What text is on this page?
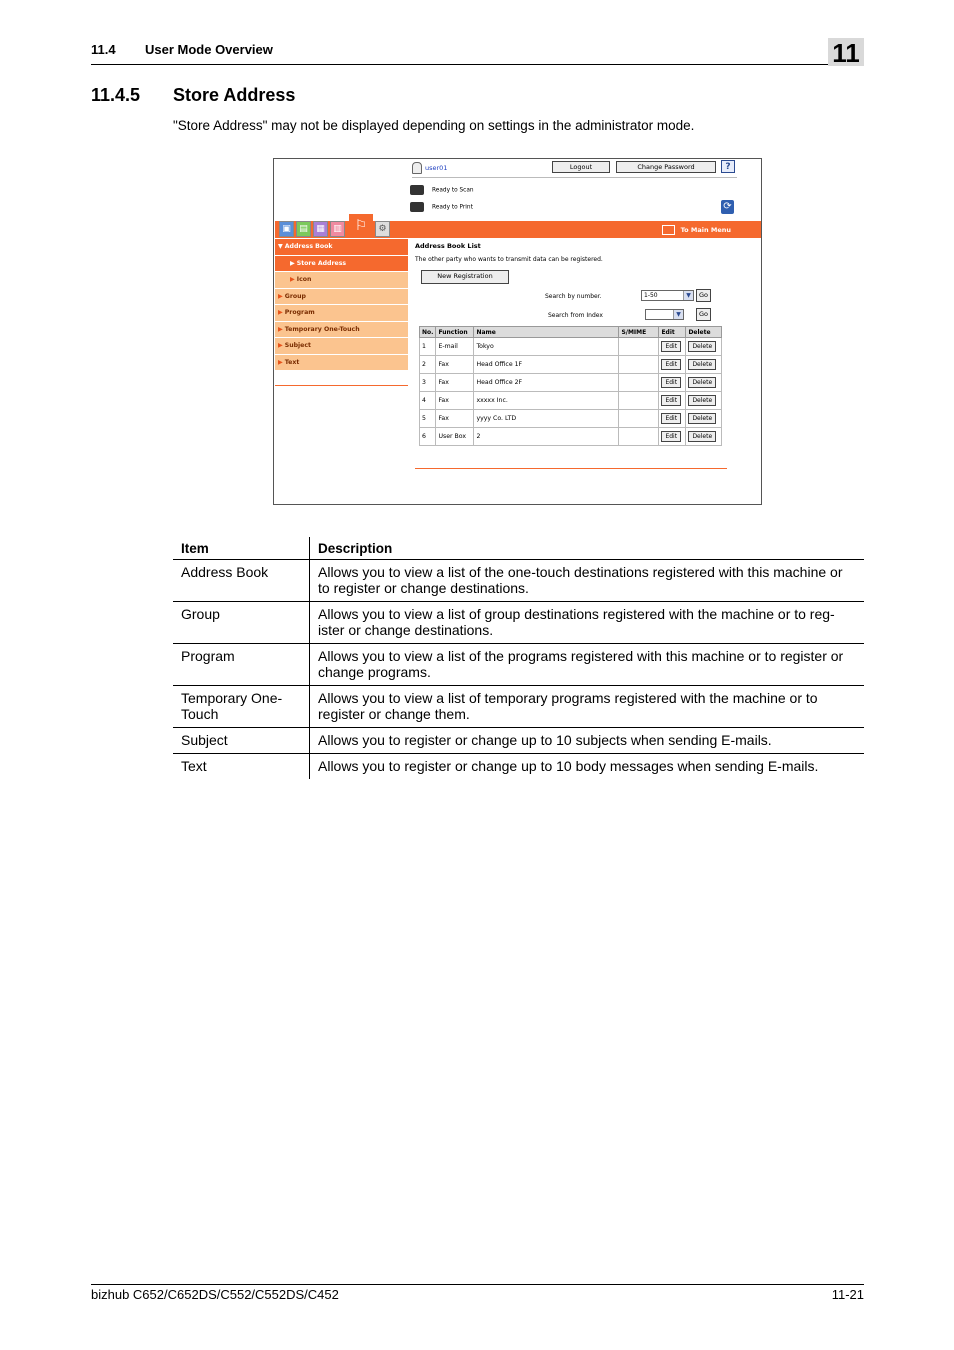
11.4 User Mode Overview	11
11.4.5 Store Address
"Store Address" may not be displayed depending on settings in the administrator mode.
user01	Logout	Change Password	?
Ready to Scan
Ready to Print	⟳
▣ ▤ ▦ ▥ ⚐	⚙	To Main Menu
▼ Address Book
▶ Store Address
▶ Icon
▶ Group
▶ Program
▶ Temporary One-Touch
▶ Subject
▶ Text
Address Book List
The other party who wants to transmit data can be registered.
New Registration
Search by number.	1-50	▼	Go
Search from Index	▼	Go
No.	Function	Name	S/MIME	Edit	Delete
1	E-mail	Tokyo		Edit	Delete
2	Fax	Head Office 1F		Edit	Delete
3	Fax	Head Office 2F		Edit	Delete
4	Fax	xxxxx Inc.		Edit	Delete
5	Fax	yyyy Co. LTD		Edit	Delete
6	User Box	2		Edit	Delete
Item	Description
Address Book	Allows you to view a list of the one-touch destinations registered with this machine or to register or change destinations.
Group	Allows you to view a list of group destinations registered with the machine or to reg-ister or change destinations.
Program	Allows you to view a list of the programs registered with this machine or to register or change programs.
Temporary One-Touch	Allows you to view a list of temporary programs registered with the machine or to register or change them.
Subject	Allows you to register or change up to 10 subjects when sending E-mails.
Text	Allows you to register or change up to 10 body messages when sending E-mails.
bizhub C652/C652DS/C552/C552DS/C452	11-21
